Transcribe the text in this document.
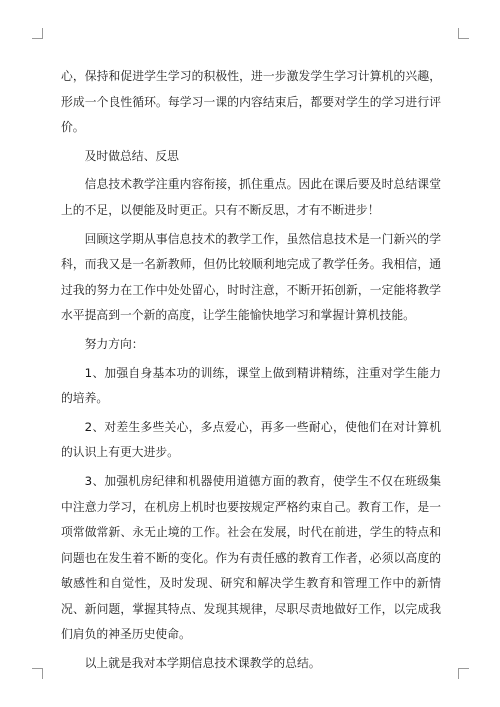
心，保持和促进学生学习的积极性，进一步激发学生学习计算机的兴趣，形成一个良性循环。每学习一课的内容结束后，都要对学生的学习进行评价。

及时做总结、反思

信息技术教学注重内容衔接，抓住重点。因此在课后要及时总结课堂上的不足，以便能及时更正。只有不断反思，才有不断进步！

回顾这学期从事信息技术的教学工作，虽然信息技术是一门新兴的学科，而我又是一名新教师，但仍比较顺利地完成了教学任务。我相信，通过我的努力在工作中处处留心，时时注意，不断开拓创新，一定能将教学水平提高到一个新的高度，让学生能愉快地学习和掌握计算机技能。

努力方向：

1、加强自身基本功的训练，课堂上做到精讲精练，注重对学生能力的培养。

2、对差生多些关心，多点爱心，再多一些耐心，使他们在对计算机的认识上有更大进步。

3、加强机房纪律和机器使用道德方面的教育，使学生不仅在班级集中注意力学习，在机房上机时也要按规定严格约束自己。教育工作，是一项常做常新、永无止境的工作。社会在发展，时代在前进，学生的特点和问题也在发生着不断的变化。作为有责任感的教育工作者，必须以高度的敏感性和自觉性，及时发现、研究和解决学生教育和管理工作中的新情况、新问题，掌握其特点、发现其规律，尽职尽责地做好工作，以完成我们肩负的神圣历史使命。

以上就是我对本学期信息技术课教学的总结。
